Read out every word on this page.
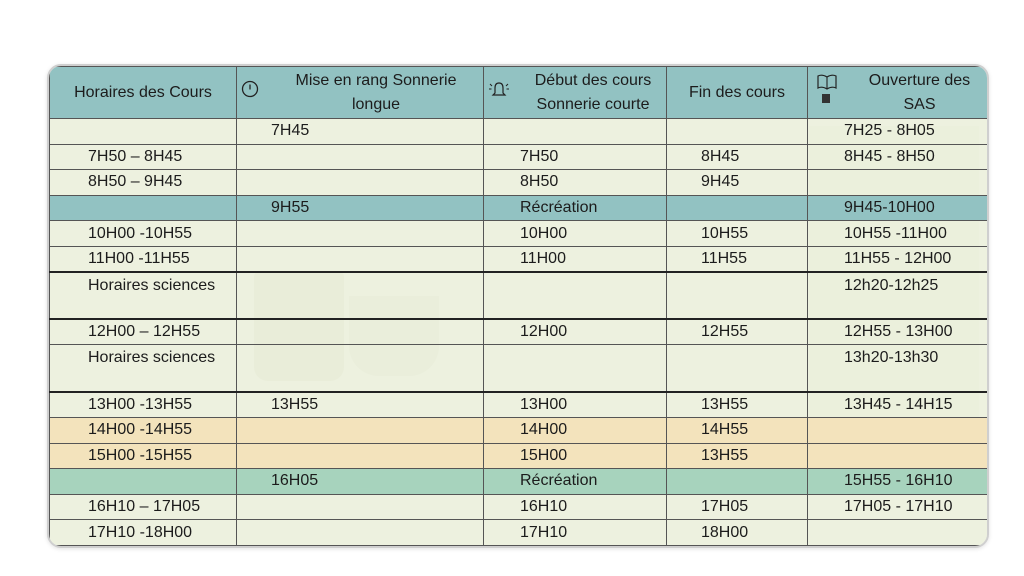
Horaires des Cours	Mise en rang Sonnerie longue	Début des cours Sonnerie courte	Fin des cours	Ouverture des SAS

	7H45			7H25 - 8H05
7H50 – 8H45		7H50	8H45	8H45 - 8H50
8H50 – 9H45		8H50	9H45	
	9H55	Récréation		9H45-10H00
10H00 -10H55		10H00	10H55	10H55 -11H00
11H00 -11H55		11H00	11H55	11H55 - 12H00
Horaires sciences				12h20-12h25
12H00 – 12H55		12H00	12H55	12H55 - 13H00
Horaires sciences				13h20-13h30
13H00 -13H55	13H55	13H00	13H55	13H45 - 14H15
14H00 -14H55		14H00	14H55	
15H00 -15H55		15H00	13H55	
	16H05	Récréation		15H55 - 16H10
16H10 – 17H05		16H10	17H05	17H05 - 17H10
17H10 -18H00		17H10	18H00	
